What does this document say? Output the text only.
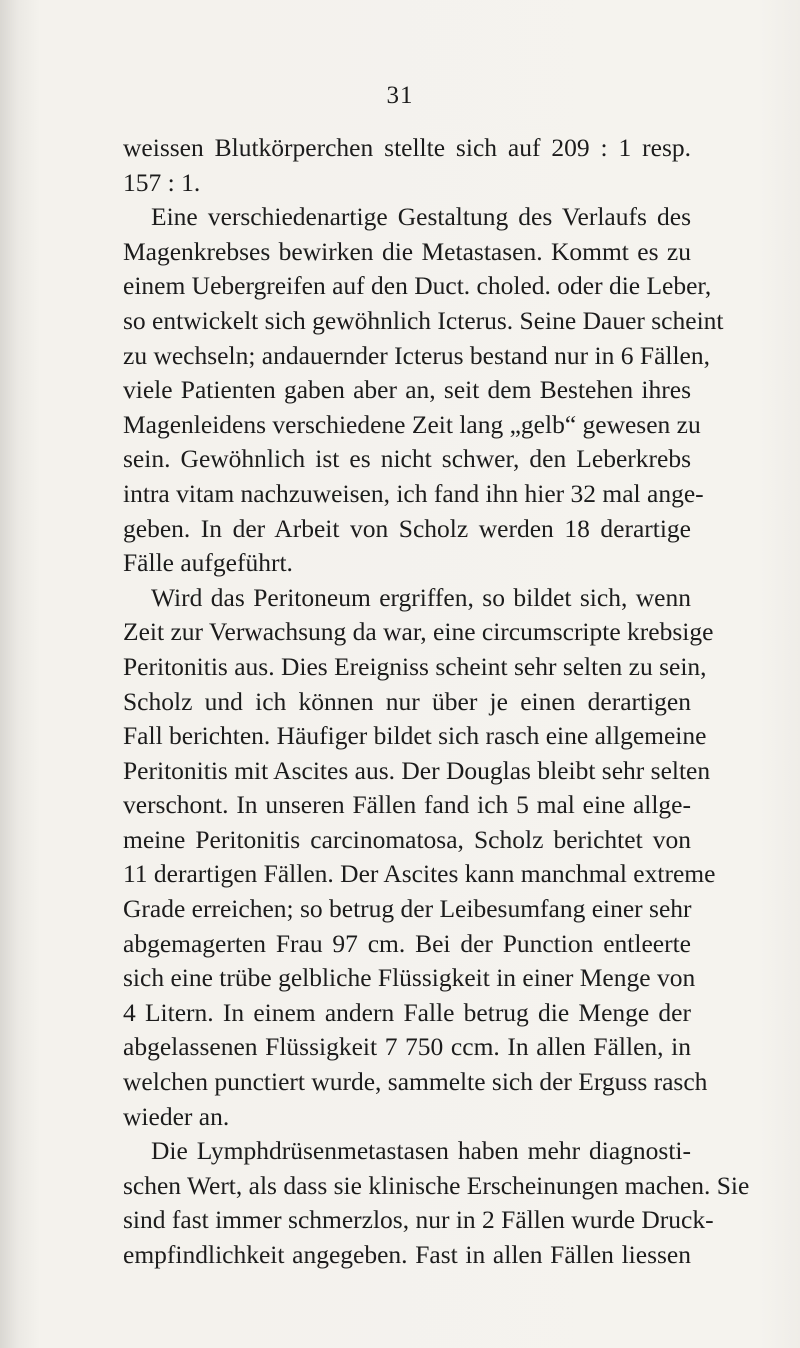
31
weissen Blutkörperchen stellte sich auf 209 : 1 resp.
157 : 1.
Eine verschiedenartige Gestaltung des Verlaufs des
Magenkrebses bewirken die Metastasen. Kommt es zu
einem Uebergreifen auf den Duct. choled. oder die Leber,
so entwickelt sich gewöhnlich Icterus. Seine Dauer scheint
zu wechseln; andauernder Icterus bestand nur in 6 Fällen,
viele Patienten gaben aber an, seit dem Bestehen ihres
Magenleidens verschiedene Zeit lang „gelb“ gewesen zu
sein. Gewöhnlich ist es nicht schwer, den Leberkrebs
intra vitam nachzuweisen, ich fand ihn hier 32 mal ange-
geben. In der Arbeit von Scholz werden 18 derartige
Fälle aufgeführt.
Wird das Peritoneum ergriffen, so bildet sich, wenn
Zeit zur Verwachsung da war, eine circumscripte krebsige
Peritonitis aus. Dies Ereigniss scheint sehr selten zu sein,
Scholz und ich können nur über je einen derartigen
Fall berichten. Häufiger bildet sich rasch eine allgemeine
Peritonitis mit Ascites aus. Der Douglas bleibt sehr selten
verschont. In unseren Fällen fand ich 5 mal eine allge-
meine Peritonitis carcinomatosa, Scholz berichtet von
11 derartigen Fällen. Der Ascites kann manchmal extreme
Grade erreichen; so betrug der Leibesumfang einer sehr
abgemagerten Frau 97 cm. Bei der Punction entleerte
sich eine trübe gelbliche Flüssigkeit in einer Menge von
4 Litern. In einem andern Falle betrug die Menge der
abgelassenen Flüssigkeit 7 750 ccm. In allen Fällen, in
welchen punctiert wurde, sammelte sich der Erguss rasch
wieder an.
Die Lymphdrüsenmetastasen haben mehr diagnosti-
schen Wert, als dass sie klinische Erscheinungen machen. Sie
sind fast immer schmerzlos, nur in 2 Fällen wurde Druck-
empfindlichkeit angegeben. Fast in allen Fällen liessen
